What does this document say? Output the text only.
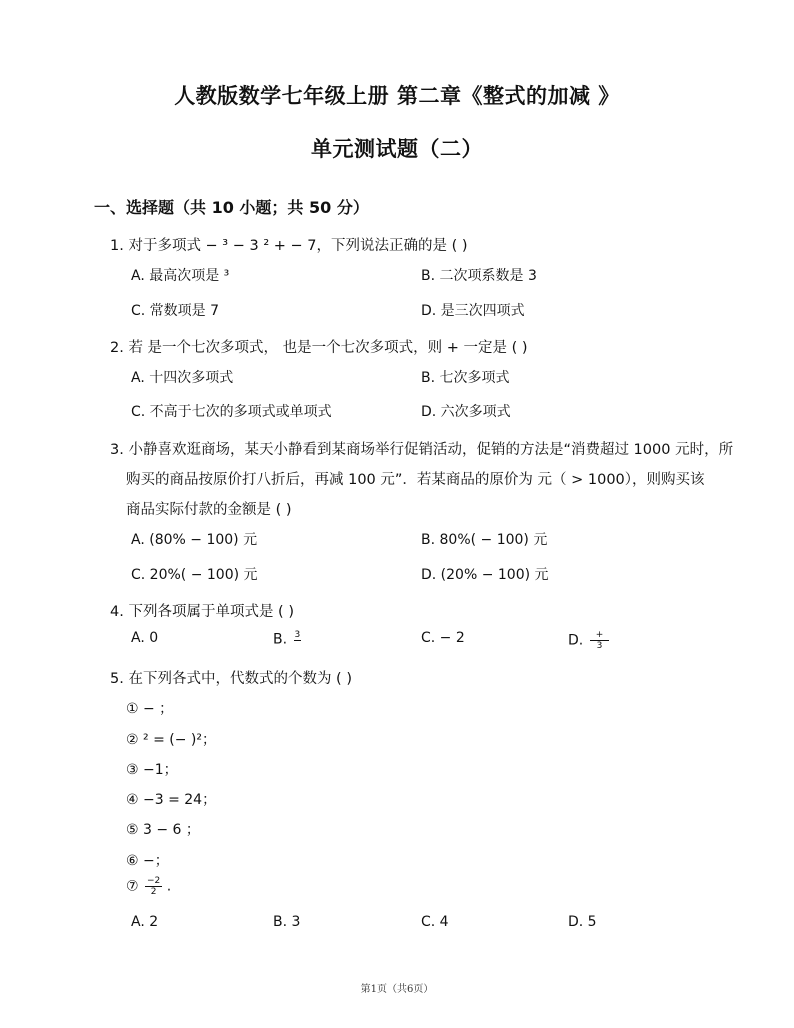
人教版数学七年级上册 第二章《整式的加减 》
单元测试题（二）
一、选择题（共 10 小题；共 50 分）
1. 对于多项式 − ³ − 3 ² + − 7，下列说法正确的是 ( )
A. 最高次项是 ³	B. 二次项系数是 3
C. 常数项是 7	D. 是三次四项式
2. 若 是一个七次多项式， 也是一个七次多项式，则 + 一定是 ( )
A. 十四次多项式	B. 七次多项式
C. 不高于七次的多项式或单项式	D. 六次多项式
3. 小静喜欢逛商场，某天小静看到某商场举行促销活动，促销的方法是“消费超过 1000 元时，所
购买的商品按原价打八折后，再减 100 元”．若某商品的原价为 元（ > 1000），则购买该
商品实际付款的金额是 ( )
A. (80% − 100) 元	B. 80%( − 100) 元
C. 20%( − 100) 元	D. (20% − 100) 元
4. 下列各项属于单项式是 ( )
A. 0	B. 3	C. − 2	D.	+
3
5. 在下列各式中，代数式的个数为 ( )
① − ；
② ² = (− )²；
③ −1；
④ −3 = 24；
⑤ 3 − 6 ；
⑥ −；
⑦ $\frac{-2}{2}$ .
A. 2	B. 3	C. 4	D. 5
第1页（共6页）
